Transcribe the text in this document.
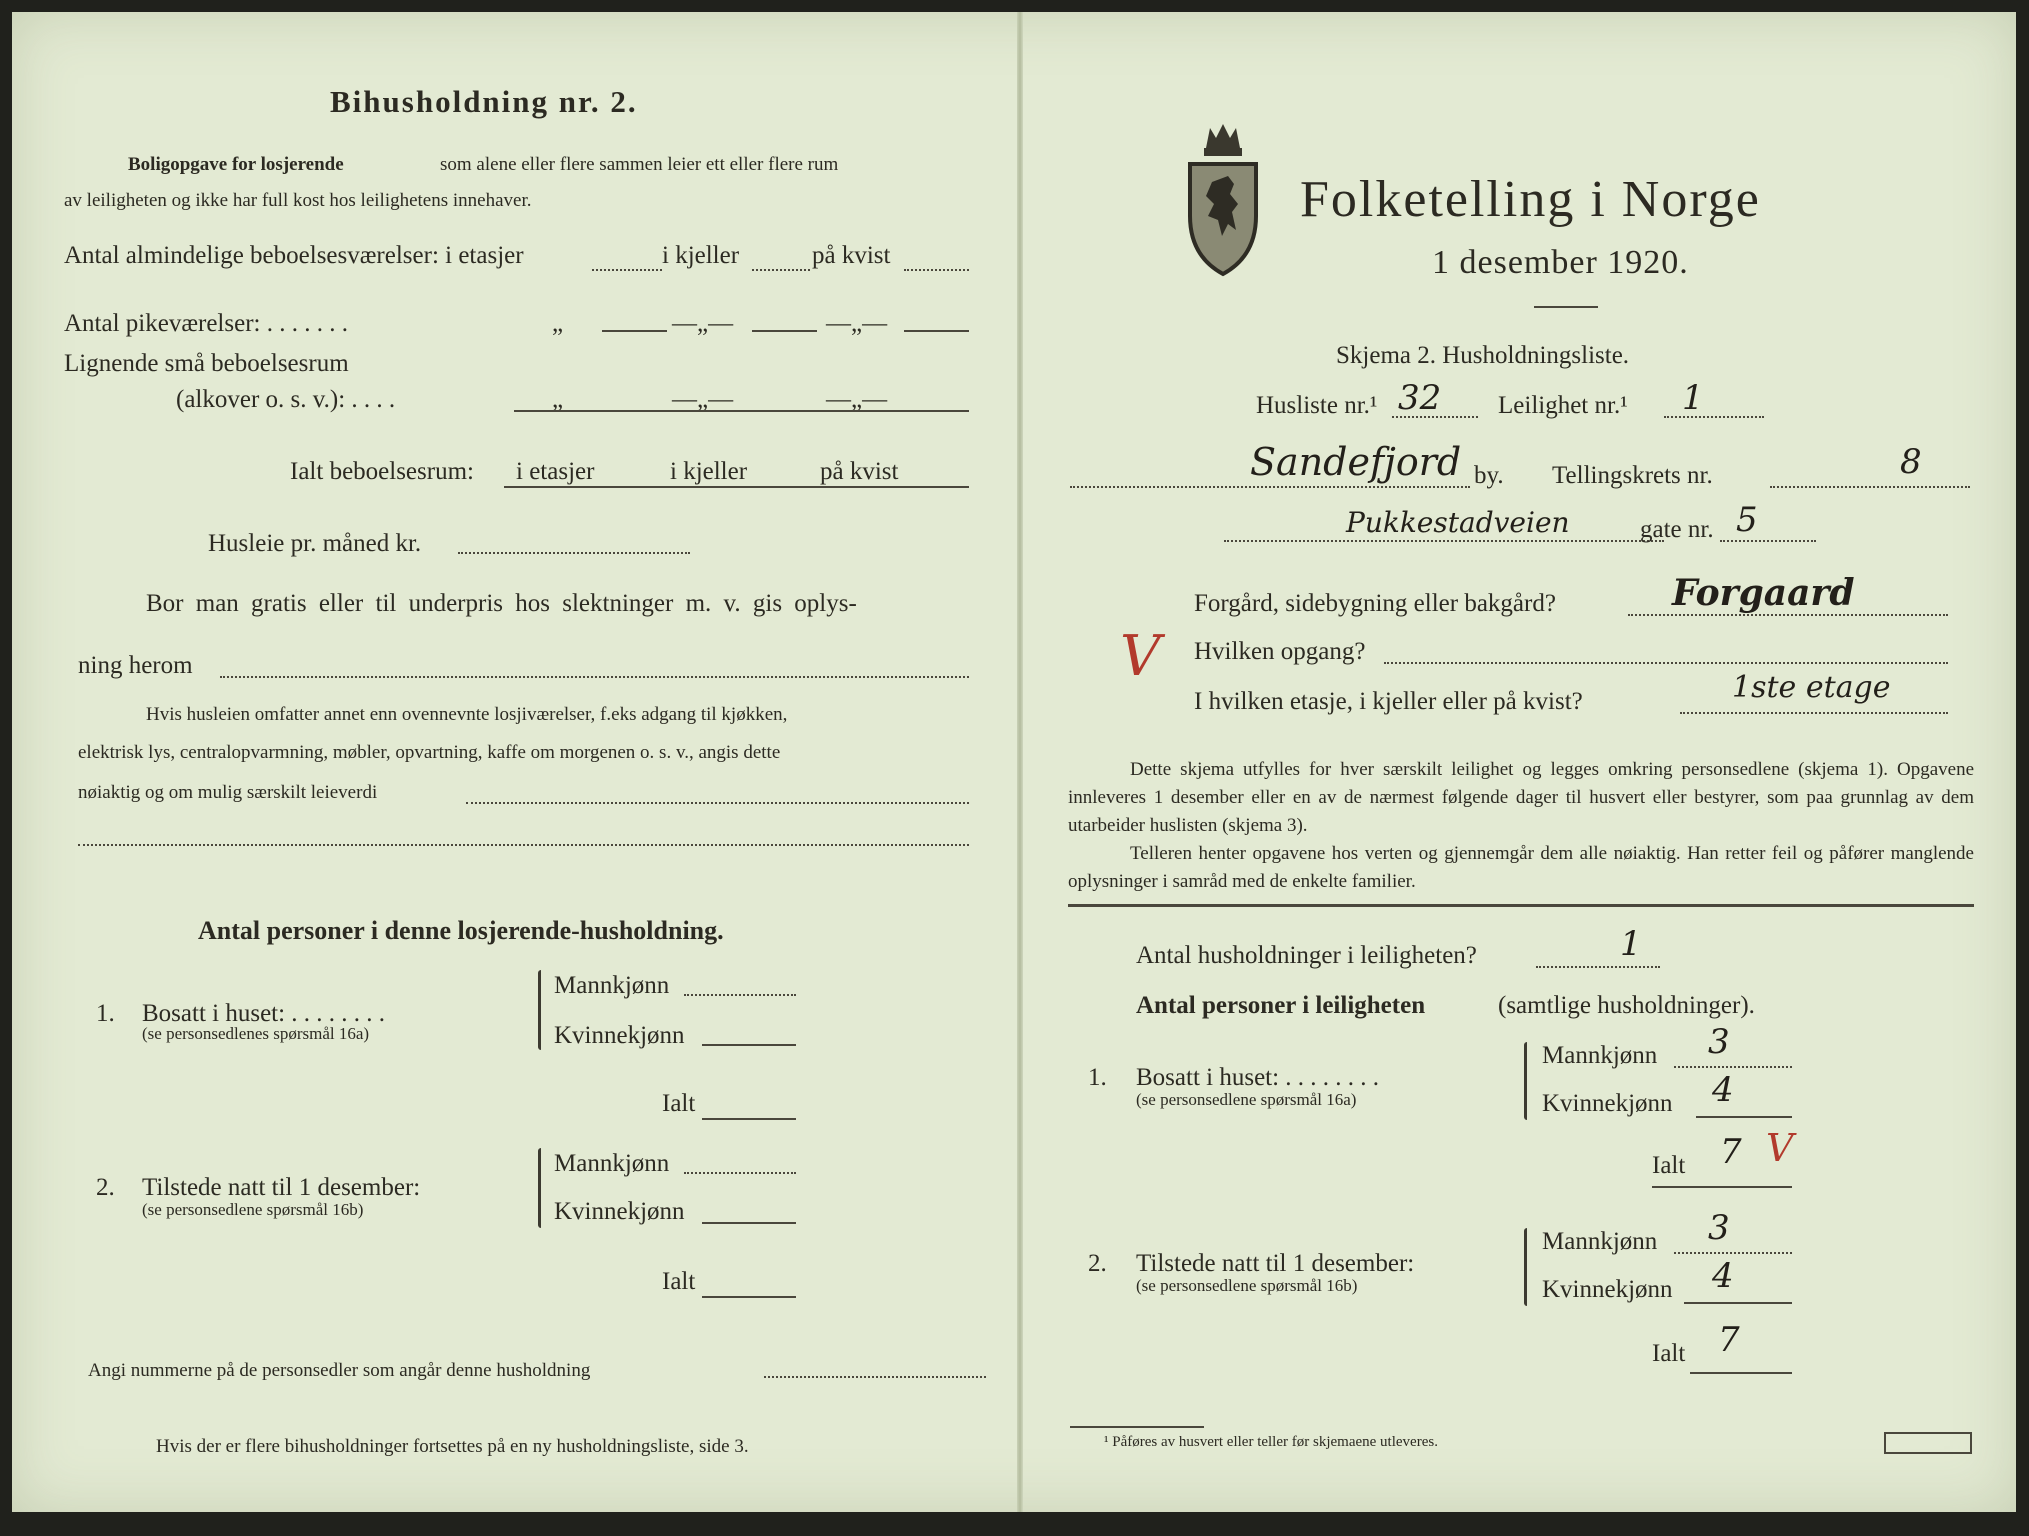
Bihusholdning nr. 2.
Boligopgave for losjerende	som alene eller flere sammen leier ett eller flere rum
av leiligheten og ikke har full kost hos leilighetens innehaver.
Antal almindelige beboelsesværelser: i etasjer	i kjeller	på kvist
Antal pikeværelser: . . . . . . .	„	—„—	—„—
Lignende små beboelsesrum
(alkover o. s. v.): . . . .	„	—„—	—„—
Ialt beboelsesrum: i etasjer	i kjeller	på kvist
Husleie pr. måned kr.
Bor man gratis eller til underpris hos slektninger m. v. gis oplys-
ning herom
Hvis husleien omfatter annet enn ovennevnte losjiværelser, f.eks adgang til kjøkken,
elektrisk lys, centralopvarmning, møbler, opvartning, kaffe om morgenen o. s. v., angis dette
nøiaktig og om mulig særskilt leieverdi
Antal personer i denne losjerende-husholdning.
1. Bosatt i huset: . . . . . . . .
(se personsedlenes spørsmål 16a)
Mannkjønn
Kvinnekjønn
Ialt
2. Tilstede natt til 1 desember:
(se personsedlene spørsmål 16b)
Mannkjønn
Kvinnekjønn
Ialt
Angi nummerne på de personsedler som angår denne husholdning
Hvis der er flere bihusholdninger fortsettes på en ny husholdningsliste, side 3.
Folketelling i Norge
1 desember 1920.
Skjema 2. Husholdningsliste.
Husliste nr.¹ 32 Leilighet nr.¹ 1
Sandefjord by. Tellingskrets nr.	8
Pukkestadveien	gate nr. 5
Forgård, sidebygning eller bakgård?	Forgaard
V Hvilken opgang?
I hvilken etasje, i kjeller eller på kvist?	1ste etage
Dette skjema utfylles for hver særskilt leilighet og legges omkring personsedlene (skjema 1). Opgavene innleveres 1 desember eller en av de nærmest følgende dager til husvert eller bestyrer, som paa grunnlag av dem utarbeider huslisten (skjema 3).
Telleren henter opgavene hos verten og gjennemgår dem alle nøiaktig. Han retter feil og påfører manglende oplysninger i samråd med de enkelte familier.
Antal husholdninger i leiligheten?	1
Antal personer i leiligheten	(samtlige husholdninger).
1. Bosatt i huset: . . . . . . . .
(se personsedlene spørsmål 16a)
Mannkjønn 3
Kvinnekjønn 4
Ialt 7 V
2. Tilstede natt til 1 desember:
(se personsedlene spørsmål 16b)
Mannkjønn 3
Kvinnekjønn 4
Ialt 7
¹ Påføres av husvert eller teller før skjemaene utleveres.
